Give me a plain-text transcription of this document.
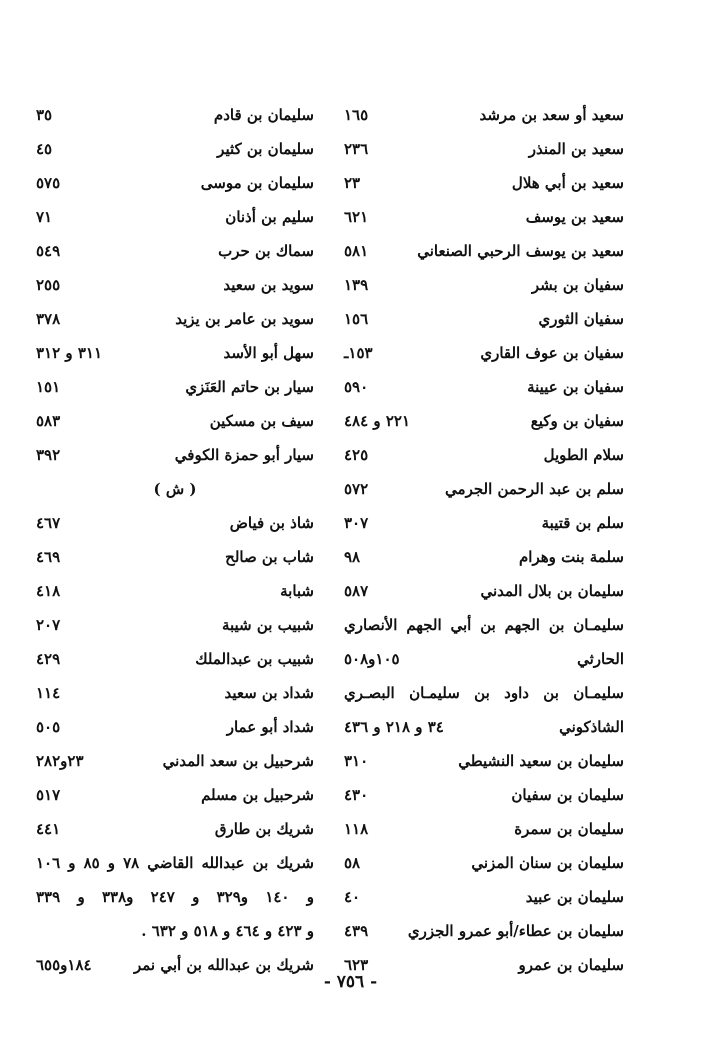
سعيد أو سعد بن مرشد
١٦٥
سعيد بن المنذر
٢٣٦
سعيد بن أبي هلال
٢٣
سعيد بن يوسف
٦٢١
سعيد بن يوسف الرحبي الصنعاني
٥٨١
سفيان بن بشر
١٣٩
سفيان الثوري
١٥٦
سفيان بن عوف القاري
١٥٣ـ
سفيان بن عيينة
٥٩٠
سفيان بن وكيع
٢٢١ و ٤٨٤
سلام الطويل
٤٢٥
سلم بن عبد الرحمن الجرمي
٥٧٢
سلم بن قتيبة
٣٠٧
سلمة بنت وهرام
٩٨
سليمان بن بلال المدني
٥٨٧
سليمـان بن الجهم بن أبي الجهم الأنصاري
الحارثي
١٠٥و٥٠٨
سليمـان بن داود بن سليمـان البصـري
الشاذكوني
٣٤ و ٢١٨ و ٤٣٦
سليمان بن سعيد النشيطي
٣١٠
سليمان بن سفيان
٤٣٠
سليمان بن سمرة
١١٨
سليمان بن سنان المزني
٥٨
سليمان بن عبيد
٤٠
سليمان بن عطاء/أبو عمرو الجزري
٤٣٩
سليمان بن عمرو
٦٢٣
سليمان بن قادم
٣٥
سليمان بن كثير
٤٥
سليمان بن موسى
٥٧٥
سليم بن أذنان
٧١
سماك بن حرب
٥٤٩
سويد بن سعيد
٢٥٥
سويد بن عامر بن يزيد
٣٧٨
سهل أبو الأسد
٣١١ و ٣١٢
سيار بن حاتم العَنَزي
١٥١
سيف بن مسكين
٥٨٣
سيار أبو حمزة الكوفي
٣٩٢
( ش )
شاذ بن فياض
٤٦٧
شاب بن صالح
٤٦٩
شبابة
٤١٨
شبيب بن شيبة
٢٠٧
شبيب بن عبدالملك
٤٢٩
شداد بن سعيد
١١٤
شداد أبو عمار
٥٠٥
شرحبيل بن سعد المدني
٢٣و٢٨٢
شرحبيل بن مسلم
٥١٧
شريك بن طارق
٤٤١
شريك بن عبدالله القاضي ٧٨ و ٨٥ و ١٠٦
و ١٤٠ و٣٢٩ و ٢٤٧ و٣٣٨ و ٣٣٩
و ٤٢٣ و ٤٦٤ و ٥١٨ و ٦٣٢ .
شريك بن عبدالله بن أبي نمر
١٨٤و٦٥٥
- ٧٥٦ -
